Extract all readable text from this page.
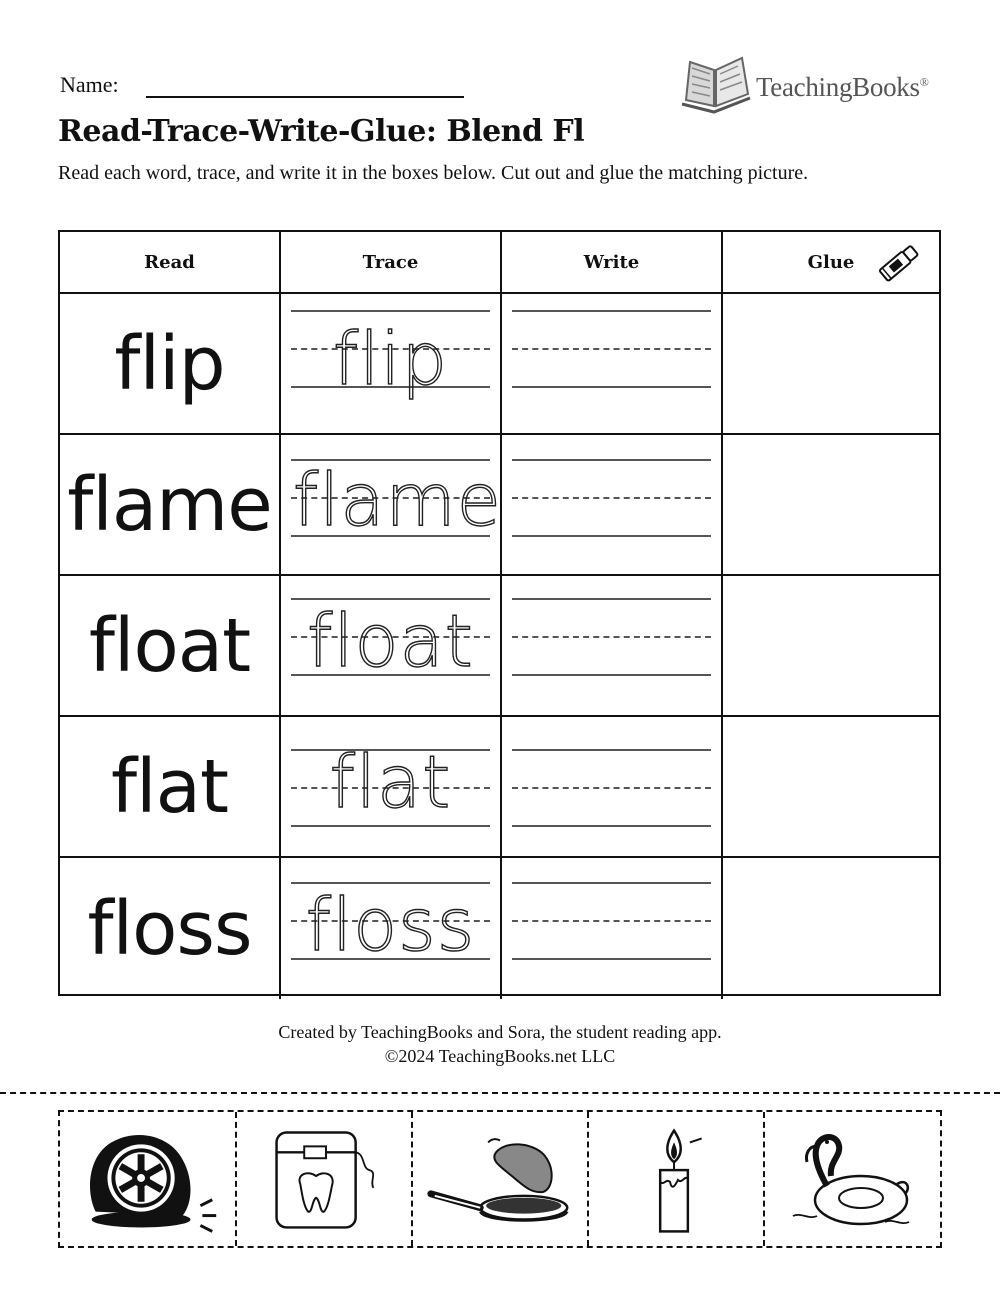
Name:	TeachingBooks®
Read-Trace-Write-Glue: Blend Fl
Read each word, trace, and write it in the boxes below. Cut out and glue the matching picture.
Read	Trace	Write	Glue
flip	flip
flame flame
float float
flat	flat
floss floss
Created by TeachingBooks and Sora, the student reading app.
©2024 TeachingBooks.net LLC
